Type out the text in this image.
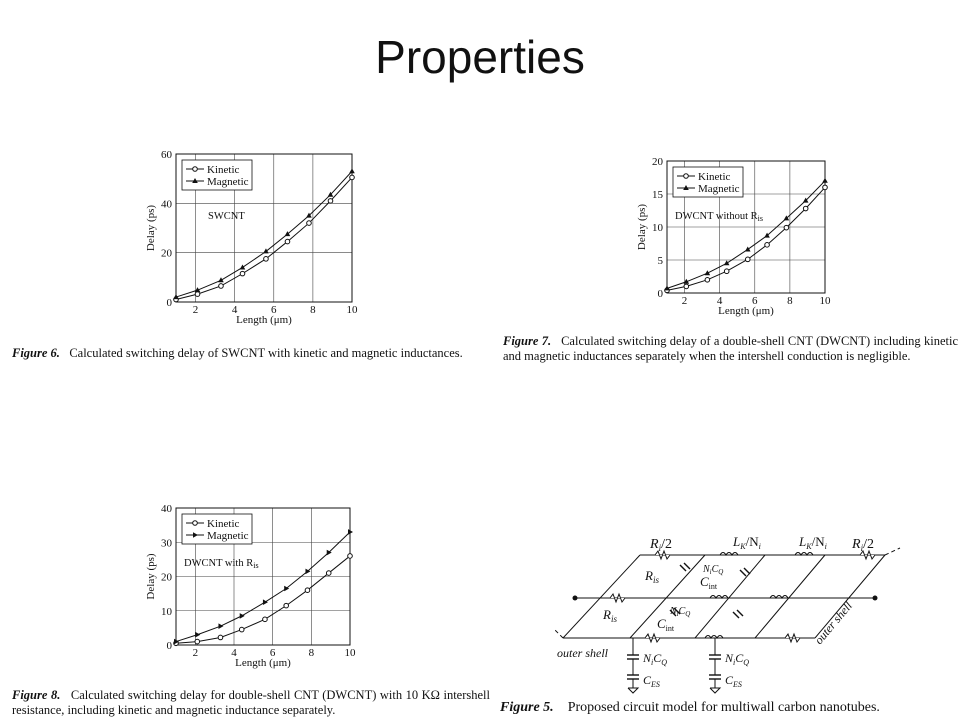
Properties
2	4	6	8	10
0
20
40
60
Length (μm)
Delay (ps)
Kinetic
Magnetic
SWCNT
2	4	6	8 10
0
5
10
15
20
Length (μm)
Delay (ps)
Kinetic
Magnetic
DWCNT without Ris
2	4	6	8	10
0
10
20
30
40
Length (μm)
Delay (ps)
Kinetic
Magnetic
DWCNT with Ris
Figure 6. Calculated switching delay of SWCNT with kinetic and magnetic inductances.
Figure 7. Calculated switching delay of a double-shell CNT (DWCNT) including kinetic and magnetic inductances separately when the intershell conduction is negligible.
Figure 8. Calculated switching delay for double-shell CNT (DWCNT) with 10 KΩ intershell resistance, including kinetic and magnetic inductance separately.	Figure 5. Proposed circuit model for multiwall carbon nanotubes.
$R_i/2$	$L_K/N_i$	$L_K/N_i$ $R_i/2$
$R_{is}$
$N_iC_Q$
$C_{int}$
$R_{is}$
$N_iC_Q$
$C_{int}$
outer shell
outer shell
$N_iC_Q$
$C_{ES}$
$N_iC_Q$
$C_{ES}$
